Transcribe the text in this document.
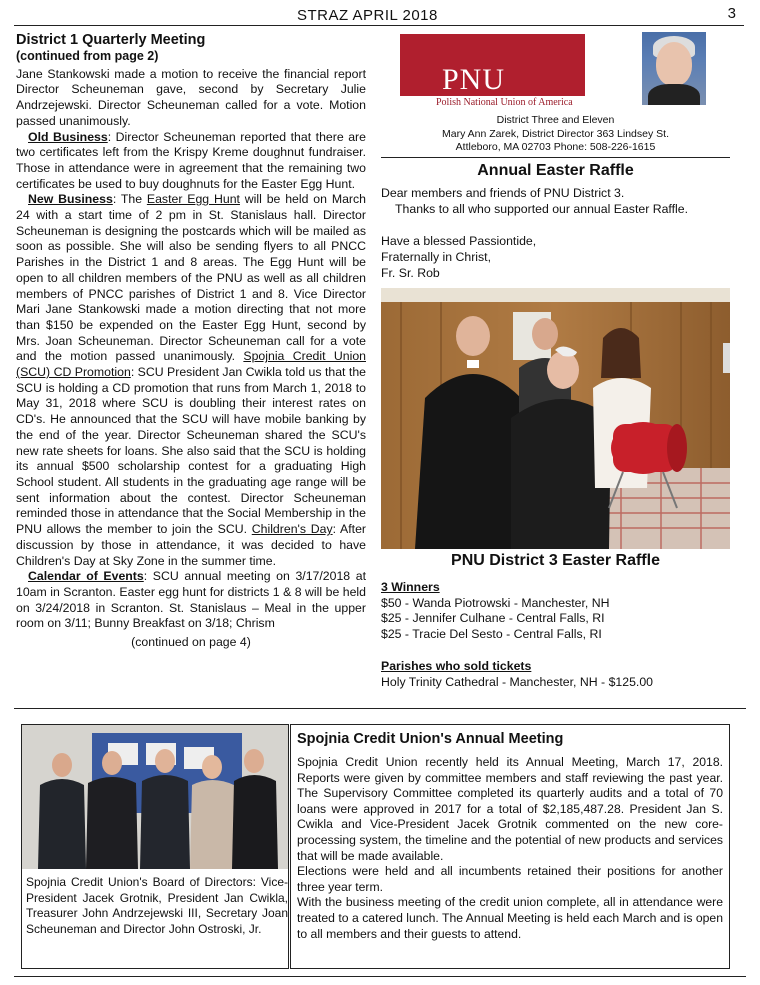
STRAZ APRIL 2018	3
District 1 Quarterly Meeting
(continued from page 2)

Jane Stankowski made a motion to receive the financial report Director Scheuneman gave, second by Secretary Julie Andrzejewski. Director Scheuneman called for a vote. Motion passed unanimously.

Old Business: Director Scheuneman reported that there are two certificates left from the Krispy Kreme doughnut fundraiser. Those in attendance were in agreement that the remaining two certificates be used to buy doughnuts for the Easter Egg Hunt.

New Business: The Easter Egg Hunt will be held on March 24 with a start time of 2 pm in St. Stanislaus hall. Director Scheuneman is designing the postcards which will be mailed as soon as possible. She will also be sending flyers to all PNCC Parishes in the District 1 and 8 areas. The Egg Hunt will be open to all children members of the PNU as well as all children members of PNCC parishes of District 1 and 8. Vice Director Mari Jane Stankowski made a motion directing that not more than $150 be expended on the Easter Egg Hunt, second by Mrs. Joan Scheuneman. Director Scheuneman call for a vote and the motion passed unanimously. Spojnia Credit Union (SCU) CD Promotion: SCU President Jan Cwikla told us that the SCU is holding a CD promotion that runs from March 1, 2018 to May 31, 2018 where SCU is doubling their interest rates on CD's. He announced that the SCU will have mobile banking by the end of the year. Director Scheuneman shared the SCU's new rate sheets for loans. She also said that the SCU is holding its annual $500 scholarship contest for a graduating High School student. All students in the graduating age range will be sent information about the contest. Director Scheuneman reminded those in attendance that the Social Membership in the PNU allows the member to join the SCU. Children's Day: After discussion by those in attendance, it was decided to have Children's Day at Sky Zone in the summer time.

Calendar of Events: SCU annual meeting on 3/17/2018 at 10am in Scranton. Easter egg hunt for districts 1 & 8 will be held on 3/24/2018 in Scranton. St. Stanislaus – Meal in the upper room on 3/11; Bunny Breakfast on 3/18; Chrism

(continued on page 4)
PNU
Polish National Union of America
District Three and Eleven
Mary Ann Zarek, District Director 363 Lindsey St.
Attleboro, MA 02703 Phone: 508-226-1615
Annual Easter Raffle
Dear members and friends of PNU District 3.
Thanks to all who supported our annual Easter Raffle.
Have a blessed Passiontide,
Fraternally in Christ,
Fr. Sr. Rob
PNU District 3 Easter Raffle
3 Winners
$50 - Wanda Piotrowski - Manchester, NH
$25 - Jennifer Culhane - Central Falls, RI
$25 - Tracie Del Sesto - Central Falls, RI
Parishes who sold tickets
Holy Trinity Cathedral - Manchester, NH - $125.00
Spojnia Credit Union's Board of Directors: Vice-President Jacek Grotnik, President Jan Cwikla, Treasurer John Andrzejewski III, Secretary Joan Scheuneman and Director John Ostroski, Jr.
Spojnia Credit Union's Annual Meeting
Spojnia Credit Union recently held its Annual Meeting, March 17, 2018. Reports were given by committee members and staff reviewing the past year. The Supervisory Committee completed its quarterly audits and a total of 70 loans were approved in 2017 for a total of $2,185,487.28. President Jan S. Cwikla and Vice-President Jacek Grotnik commented on the new core-processing system, the timeline and the potential of new products and services that will be made available.
Elections were held and all incumbents retained their positions for another three year term.
With the business meeting of the credit union complete, all in attendance were treated to a catered lunch. The Annual Meeting is held each March and is open to all members and their guests to attend.
